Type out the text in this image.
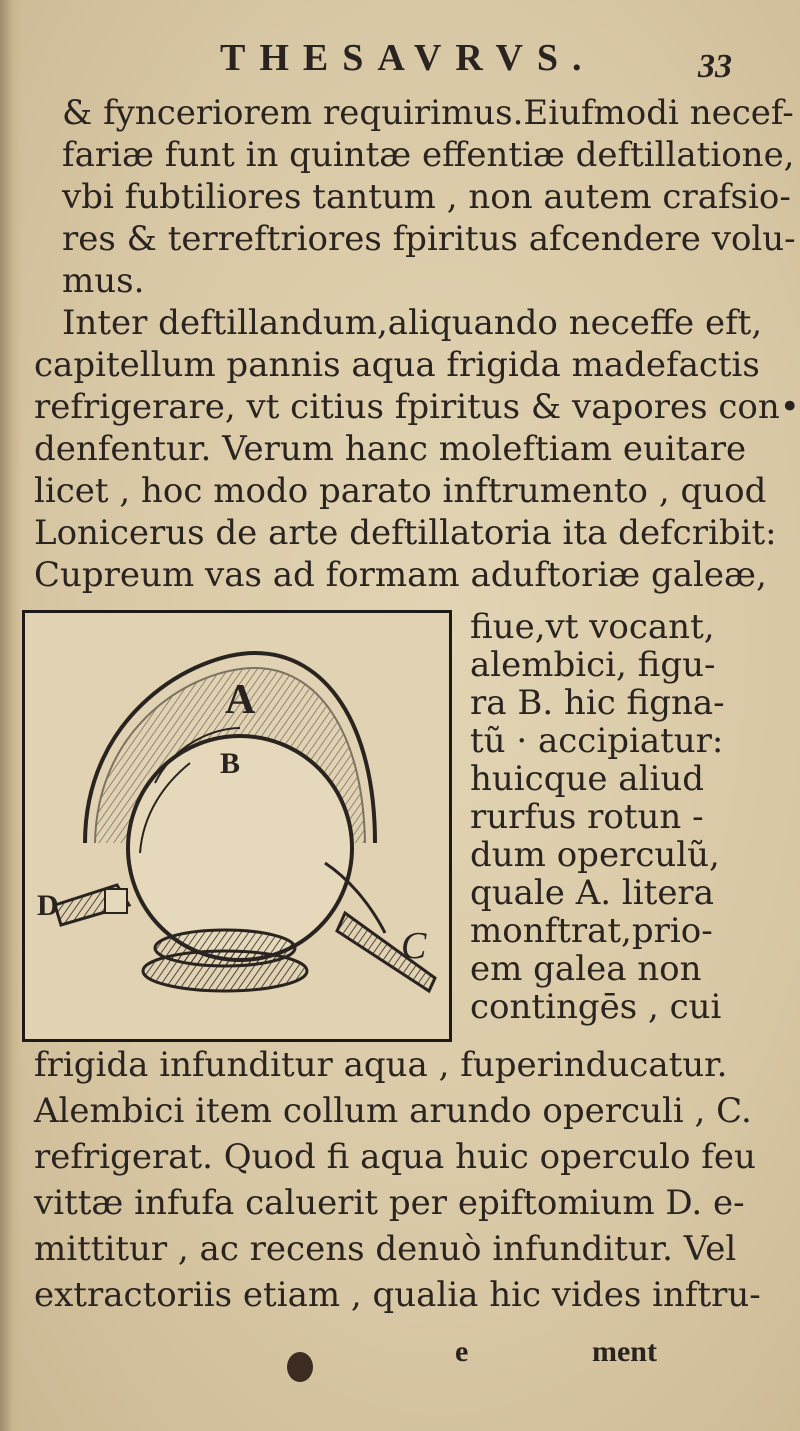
THESAVRVS.	33
& fynceriorem requirimus.Eiufmodi necef-
fariæ funt in quintæ effentiæ deftillatione,
vbi fubtiliores tantum , non autem crafsio-
res & terreftriores fpiritus afcendere volu-
mus.
Inter deftillandum,aliquando neceffe eft,
capitellum pannis aqua frigida madefactis
refrigerare, vt citius fpiritus & vapores con•
denfentur. Verum hanc moleftiam euitare
licet , hoc modo parato inftrumento , quod
Lonicerus de arte deftillatoria ita defcribit:
Cupreum vas ad formam aduftoriæ galeæ,
A
B
C
D
fiue,vt vocant,
alembici, figu-
ra B. hic figna-
tũ · accipiatur:
huicque aliud
rurfus rotun -
dum operculũ,
quale A. litera
monftrat,prio-
em galea non
contingēs , cui
frigida infunditur aqua , fuperinducatur.
Alembici item collum arundo operculi , C.
refrigerat. Quod fi aqua huic operculo feu
vittæ infufa caluerit per epiftomium D. e-
mittitur , ac recens denuò infunditur. Vel
extractoriis etiam , qualia hic vides inftru-
e	ment
